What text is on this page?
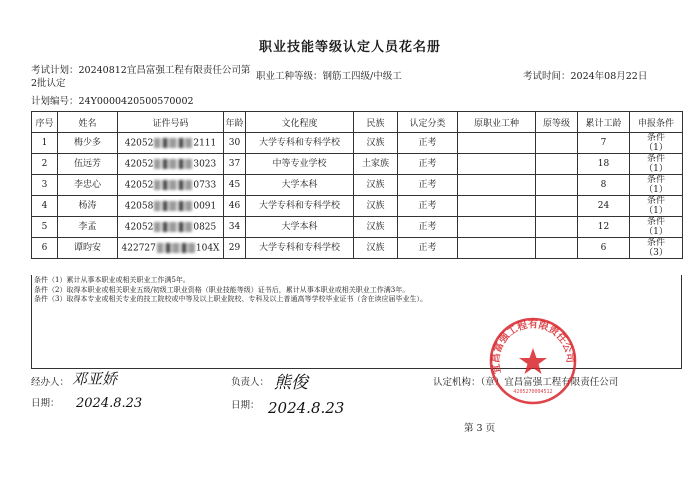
职业技能等级认定人员花名册
考试计划：20240812宜昌富强工程有限责任公司第
2批认定
职业工种等级：钢筋工四级/中级工	考试时间：2024年08月22日
计划编号：24Y0000420500570002
序号	姓名	证件号码	年龄	文化程度	民族	认定分类	原职业工种	原等级	累计工龄	申报条件
1	梅少多	42052 2111	30	大学专科和专科学校	汉族	正考			7	条件
（1）

2	伍远芳	42052 3023	37	中等专业学校	土家族	正考			18	条件
（1）

3	李忠心	42052 0733	45	大学本科	汉族	正考			8	条件
（1）

4	杨涛	42058 0091	46	大学专科和专科学校	汉族	正考			24	条件
（1）

5	李孟	42052 0825	34	大学本科	汉族	正考			12	条件
（1）

6	谭昀安	422727 104X	29	大学专科和专科学校	汉族	正考			6	条件
（3）
条件（1）累计从事本职业或相关职业工作满5年。
条件（2）取得本职业或相关职业五级/初级工职业资格（职业技能等级）证书后，累计从事本职业或相关职业工作满3年。
条件（3）取得本专业或相关专业的技工院校或中等及以上职业院校、专科及以上普通高等学校毕业证书（含在读应届毕业生）。
经办人： 邓亚娇
日期： 2024.8.23
负责人： 熊俊
日期： 2024.8.23
认定机构：（章）宜昌富强工程有限责任公司
第 3 页
宜昌富强工程有限责任公司
4205270004512
